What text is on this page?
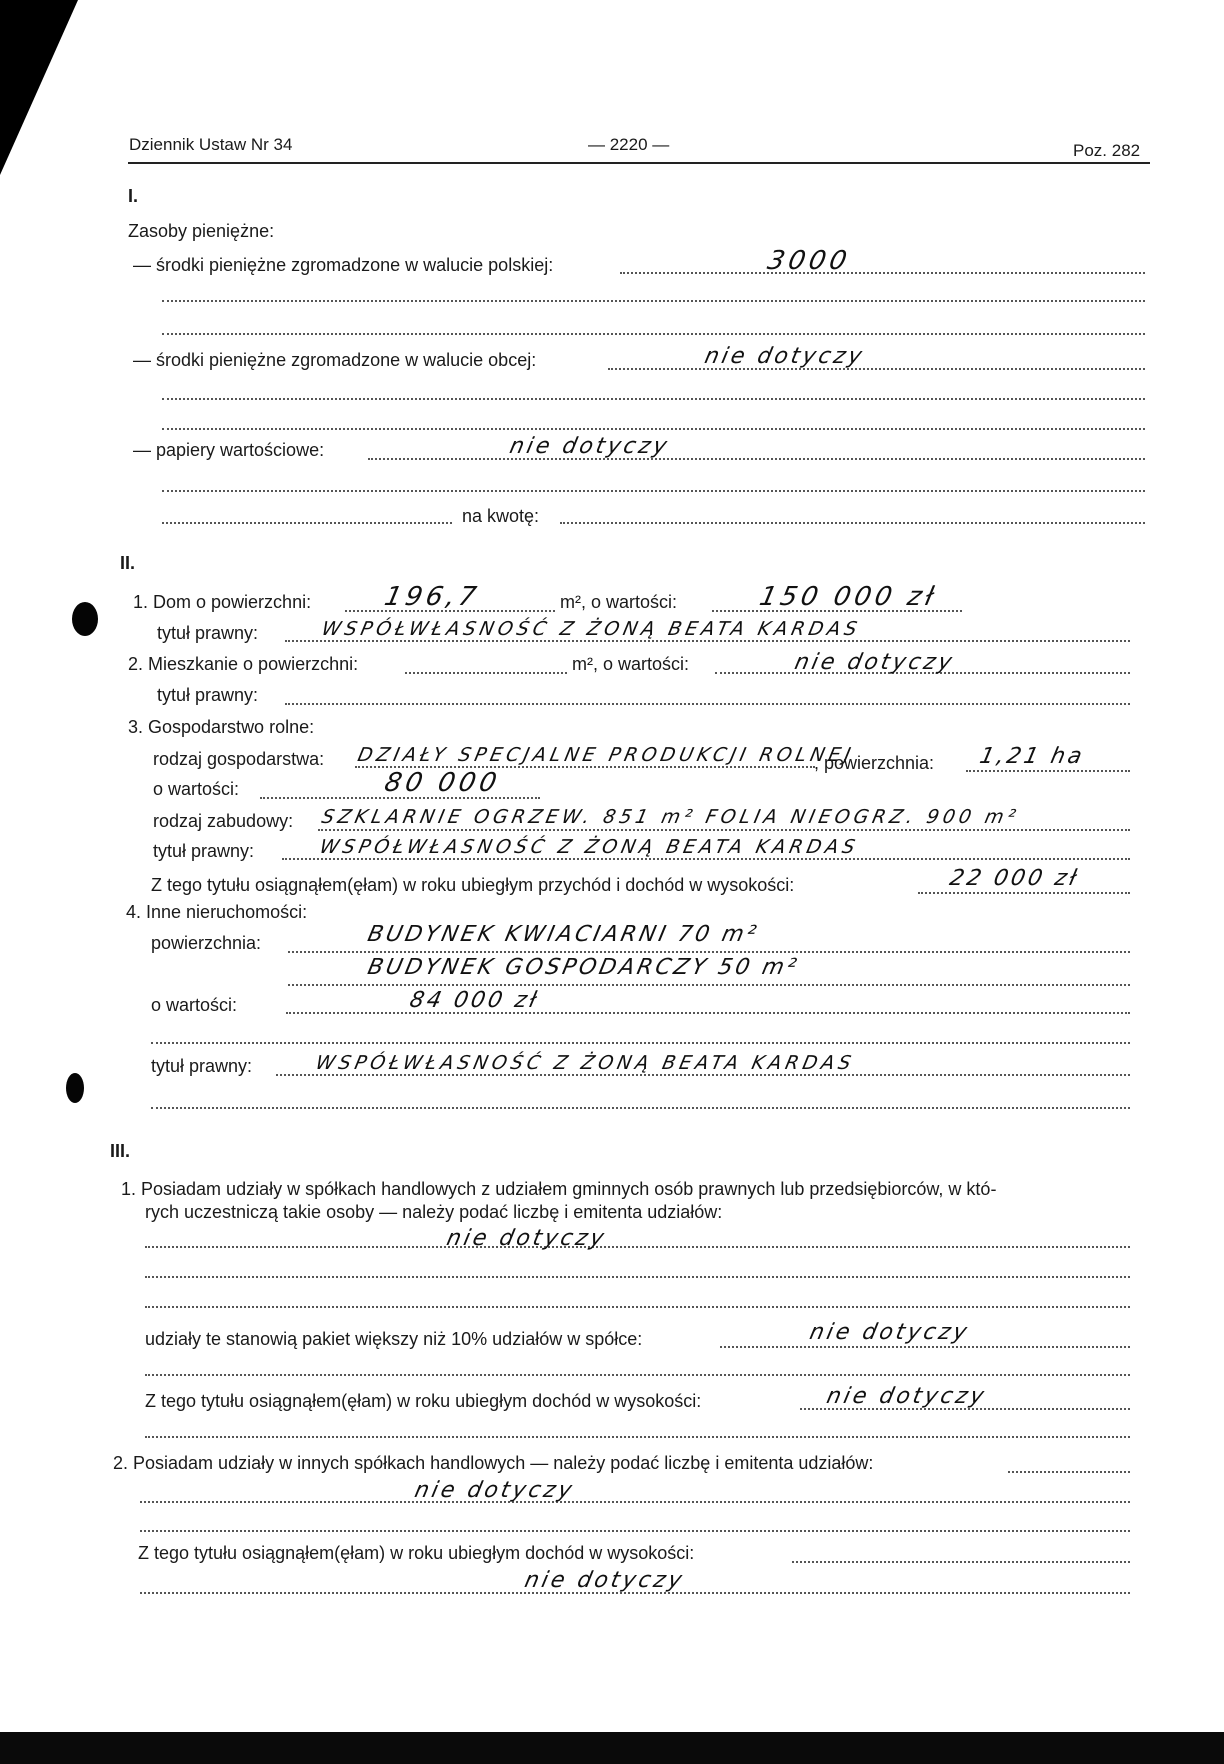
Dziennik Ustaw Nr 34	— 2220 —	Poz. 282
I.
Zasoby pieniężne:
— środki pieniężne zgromadzone w walucie polskiej:	3000
— środki pieniężne zgromadzone w walucie obcej:	nie dotyczy
— papiery wartościowe:	nie dotyczy
na kwotę:
II.
1. Dom o powierzchni:	196,7	m², o wartości:	150 000 zł
tytuł prawny:	WSPÓŁWŁASNOŚĆ Z ŻONĄ BEATA KARDAS
2. Mieszkanie o powierzchni:	m², o wartości:	nie dotyczy
tytuł prawny:
3. Gospodarstwo rolne:
rodzaj gospodarstwa: DZIAŁY SPECJALNE PRODUKCJI ROLNEJ
, powierzchnia: 1,21 ha
o wartości:	80 000
rodzaj zabudowy: SZKLARNIE OGRZEW. 851 m² FOLIA NIEOGRZ. 900 m²
tytuł prawny:	WSPÓŁWŁASNOŚĆ Z ŻONĄ BEATA KARDAS
Z tego tytułu osiągnąłem(ęłam) w roku ubiegłym przychód i dochód w wysokości:	22 000 zł
4. Inne nieruchomości:
powierzchnia:	BUDYNEK KWIACIARNI 70 m²
BUDYNEK GOSPODARCZY 50 m²
o wartości:	84 000 zł
tytuł prawny:	WSPÓŁWŁASNOŚĆ Z ŻONĄ BEATA KARDAS
III.
1. Posiadam udziały w spółkach handlowych z udziałem gminnych osób prawnych lub przedsiębiorców, w któ-
rych uczestniczą takie osoby — należy podać liczbę i emitenta udziałów:
nie dotyczy
udziały te stanowią pakiet większy niż 10% udziałów w spółce:	nie dotyczy
Z tego tytułu osiągnąłem(ęłam) w roku ubiegłym dochód w wysokości:	nie dotyczy
2. Posiadam udziały w innych spółkach handlowych — należy podać liczbę i emitenta udziałów:
nie dotyczy
Z tego tytułu osiągnąłem(ęłam) w roku ubiegłym dochód w wysokości:
nie dotyczy
